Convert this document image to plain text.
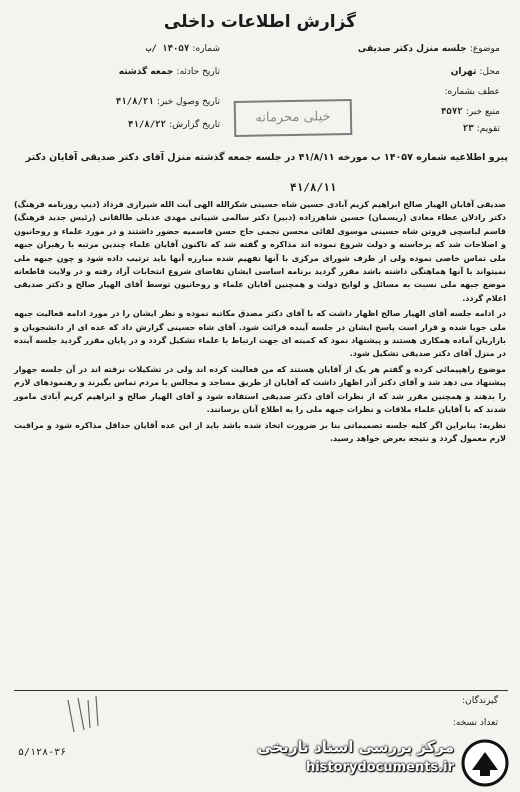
گزارش اطلاعات داخلی
موضوع: جلسه منزل دکتر صدیقی
محل: تهران
عطف بشماره:
منبع خبر: ۴۵۷۲
تقویم: ۲۳
شماره: ۱۴۰۵۷ /ب
تاریخ حادثه: جمعه گذشته
تاریخ وصول خبر: ۴۱/۸/۲۱
تاریخ گزارش: ۴۱/۸/۲۲	خیلی محرمانه
پیرو اطلاعیه شماره ۱۴۰۵۷ ب مورخه ۴۱/۸/۱۱ در جلسه جمعه گذشته منزل آقای دکتر صدیقی آقایان دکتر
۴۱/۸/۱۱

صدیقی آقایان الهیار صالح ابراهیم کریم آبادی حسین شاه حسینی شکرالله الهی آیت الله شیرازی فرداد (دیپ روزنامه فرهنگ) دکتر رادلان عطاء معادی (ریسمان) حسین شاهرزاده (دبیر) دکتر سالمی شیبانی مهدی عدیلی طالقانی (رئیس جدید فرهنگ) قاسم لباسچی فروتن شاه حسینی موسوی لقائی محسن نجمی حاج حسن قاسمیه حضور داشتند و در مورد علماء و روحانیون و اصلاحات شد که برخاسته و دولت شروع نموده اند مذاکره و گفته شد که تاکنون آقایان علماء چندین مرتبه با رهبران جبهه ملی تماس خاصی نموده ولی از طرف شورای مرکزی با آنها تفهیم شده مبارزه آنها باید ترتیب داده شود و چون جبهه ملی نمیتواند با آنها هماهنگی داشته باشد مقرر گردید برنامه اساسی ایشان تقاضای شروع انتخابات آزاد رفته و در ولایت قاطعانه موضع جبهه ملی نسبت به مسائل و لوایح دولت و همچنین آقایان علماء و روحانیون توسط آقای الهیار صالح و دکتر صدیقی اعلام گردد.

در ادامه جلسه آقای الهیار صالح اظهار داشت که با آقای دکتر مصدق مکاتبه نموده و نظر ایشان را در مورد ادامه فعالیت جبهه ملی جویا شده و قرار است پاسخ ایشان در جلسه آینده قرائت شود. آقای شاه حسینی گزارش داد که عده ای از دانشجویان و بازاریان آماده همکاری هستند و پیشنهاد نمود که کمیته ای جهت ارتباط با علماء تشکیل گردد و در پایان مقرر گردید جلسه آینده در منزل آقای دکتر صدیقی تشکیل شود.

موضوع راهپیمائی کرده و گفتم هر یک از آقایان هستند که من فعالیت کرده اند ولی در تشکیلات نرفته اند در آن جلسه جهوار پیشنهاد می دهد شد و آقای دکتر آذر اظهار داشت که آقایان از طریق مساجد و مجالس با مردم تماس بگیرند و رهنمودهای لازم را بدهند و همچنین مقرر شد که از نظرات آقای دکتر صدیقی استفاده شود و آقای الهیار صالح و ابراهیم کریم آبادی مامور شدند که با آقایان علماء ملاقات و نظرات جبهه ملی را به اطلاع آنان برسانند.

نظریه: بنابراین اگر کلیه جلسه تصمیماتی بنا بر ضرورت اتخاذ شده باشد باید از این عده آقایان حداقل مذاکره شود و مراقبت لازم معمول گردد و نتیجه بعرض خواهد رسید.

گیرندگان:
تعداد نسخه:
۵/۱۲۸-۳۶	مرکز بررسی اسناد تاریخی
historydocuments.ir
